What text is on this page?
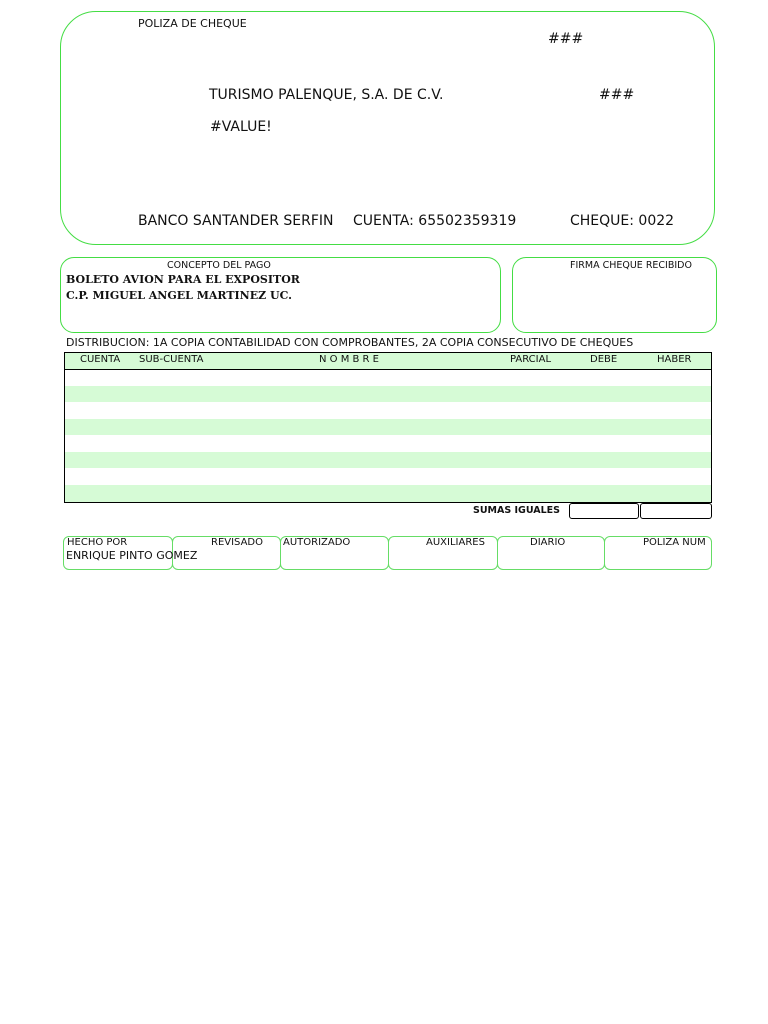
POLIZA DE CHEQUE
###
TURISMO PALENQUE, S.A. DE C.V.	###
#VALUE!
BANCO SANTANDER SERFIN CUENTA: 65502359319	CHEQUE: 0022
CONCEPTO DEL PAGO
BOLETO AVION PARA EL EXPOSITOR
C.P. MIGUEL ANGEL MARTINEZ UC.
FIRMA CHEQUE RECIBIDO
DISTRIBUCION: 1A COPIA CONTABILIDAD CON COMPROBANTES, 2A COPIA CONSECUTIVO DE CHEQUES
CUENTA SUB-CUENTA	N O M B R E	PARCIAL	DEBE	HABER
SUMAS IGUALES
HECHO POR	REVISADO AUTORIZADO	AUXILIARES	DIARIO	POLIZA NUM
ENRIQUE PINTO GOMEZ
